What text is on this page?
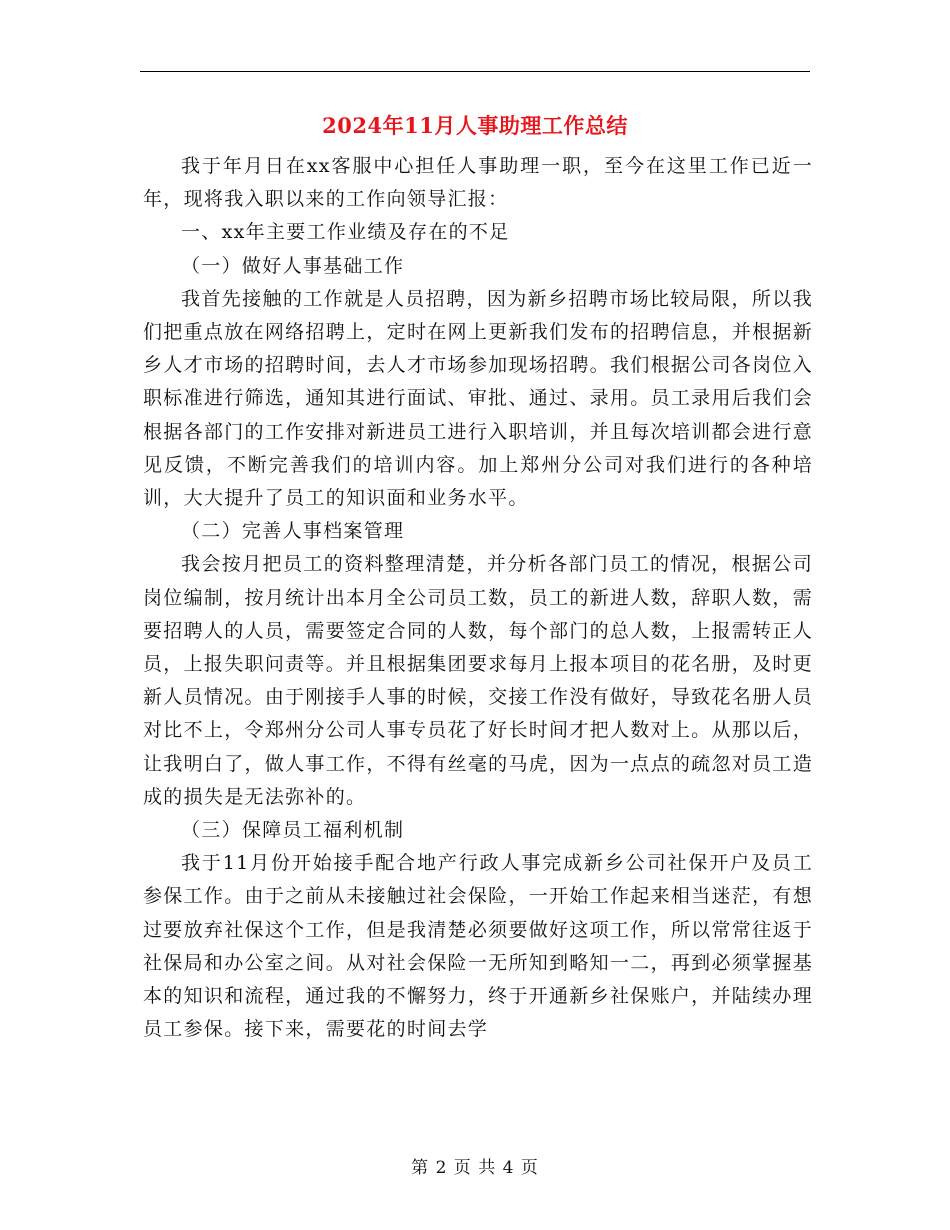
2024年11月人事助理工作总结

我于年月日在xx客服中心担任人事助理一职，至今在这里工作已近一年，现将我入职以来的工作向领导汇报：

一、xx年主要工作业绩及存在的不足

（一）做好人事基础工作

我首先接触的工作就是人员招聘，因为新乡招聘市场比较局限，所以我们把重点放在网络招聘上，定时在网上更新我们发布的招聘信息，并根据新乡人才市场的招聘时间，去人才市场参加现场招聘。我们根据公司各岗位入职标准进行筛选，通知其进行面试、审批、通过、录用。员工录用后我们会根据各部门的工作安排对新进员工进行入职培训，并且每次培训都会进行意见反馈，不断完善我们的培训内容。加上郑州分公司对我们进行的各种培训，大大提升了员工的知识面和业务水平。

（二）完善人事档案管理

我会按月把员工的资料整理清楚，并分析各部门员工的情况，根据公司岗位编制，按月统计出本月全公司员工数，员工的新进人数，辞职人数，需要招聘人的人员，需要签定合同的人数，每个部门的总人数，上报需转正人员，上报失职问责等。并且根据集团要求每月上报本项目的花名册，及时更新人员情况。由于刚接手人事的时候，交接工作没有做好，导致花名册人员对比不上，令郑州分公司人事专员花了好长时间才把人数对上。从那以后，让我明白了，做人事工作，不得有丝毫的马虎，因为一点点的疏忽对员工造成的损失是无法弥补的。

（三）保障员工福利机制

我于11月份开始接手配合地产行政人事完成新乡公司社保开户及员工参保工作。由于之前从未接触过社会保险，一开始工作起来相当迷茫，有想过要放弃社保这个工作，但是我清楚必须要做好这项工作，所以常常往返于社保局和办公室之间。从对社会保险一无所知到略知一二，再到必须掌握基本的知识和流程，通过我的不懈努力，终于开通新乡社保账户，并陆续办理员工参保。接下来，需要花的时间去学

第 2 页 共 4 页
